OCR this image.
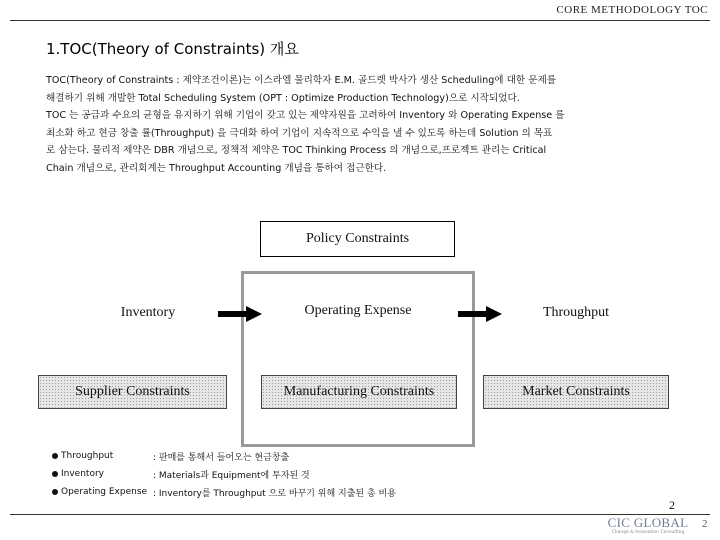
CORE METHODOLOGY TOC
1.TOC(Theory of Constraints) 개요

TOC(Theory of Constraints : 제약조건이론)는 이스라엘 물리학자 E.M. 골드렛 박사가 생산 Scheduling에 대한 문제를

해결하기 위해 개발한 Total Scheduling System (OPT : Optimize Production Technology)으로 시작되었다.

TOC 는 공급과 수요의 균형을 유지하기 위해 기업이 갖고 있는 제약자원을 고려하여 Inventory 와 Operating Expense 를

최소화 하고 현금 창출 률(Throughput) 을 극대화 하여 기업이 지속적으로 수익을 낼 수 있도록 하는데 Solution 의 목표

로 삼는다. 물리적 제약은 DBR 개념으로, 정책적 제약은 TOC Thinking Process 의 개념으로,프로젝트 관리는 Critical

Chain 개념으로, 관리회계는 Throughput Accounting 개념을 통하여 접근한다.

Policy Constraints
Inventory	Operating Expense	Throughput
Supplier Constraints	Manufacturing Constraints	Market Constraints
Throughput	: 판매를 통해서 들어오는 현금창출
Inventory	: Materials과 Equipment에 투자된 것
Operating Expense : Inventory를 Throughput 으로 바꾸기 위해 지출된 총 비용
2
CIC GLOBAL
Change & Innovation Consulting
2
